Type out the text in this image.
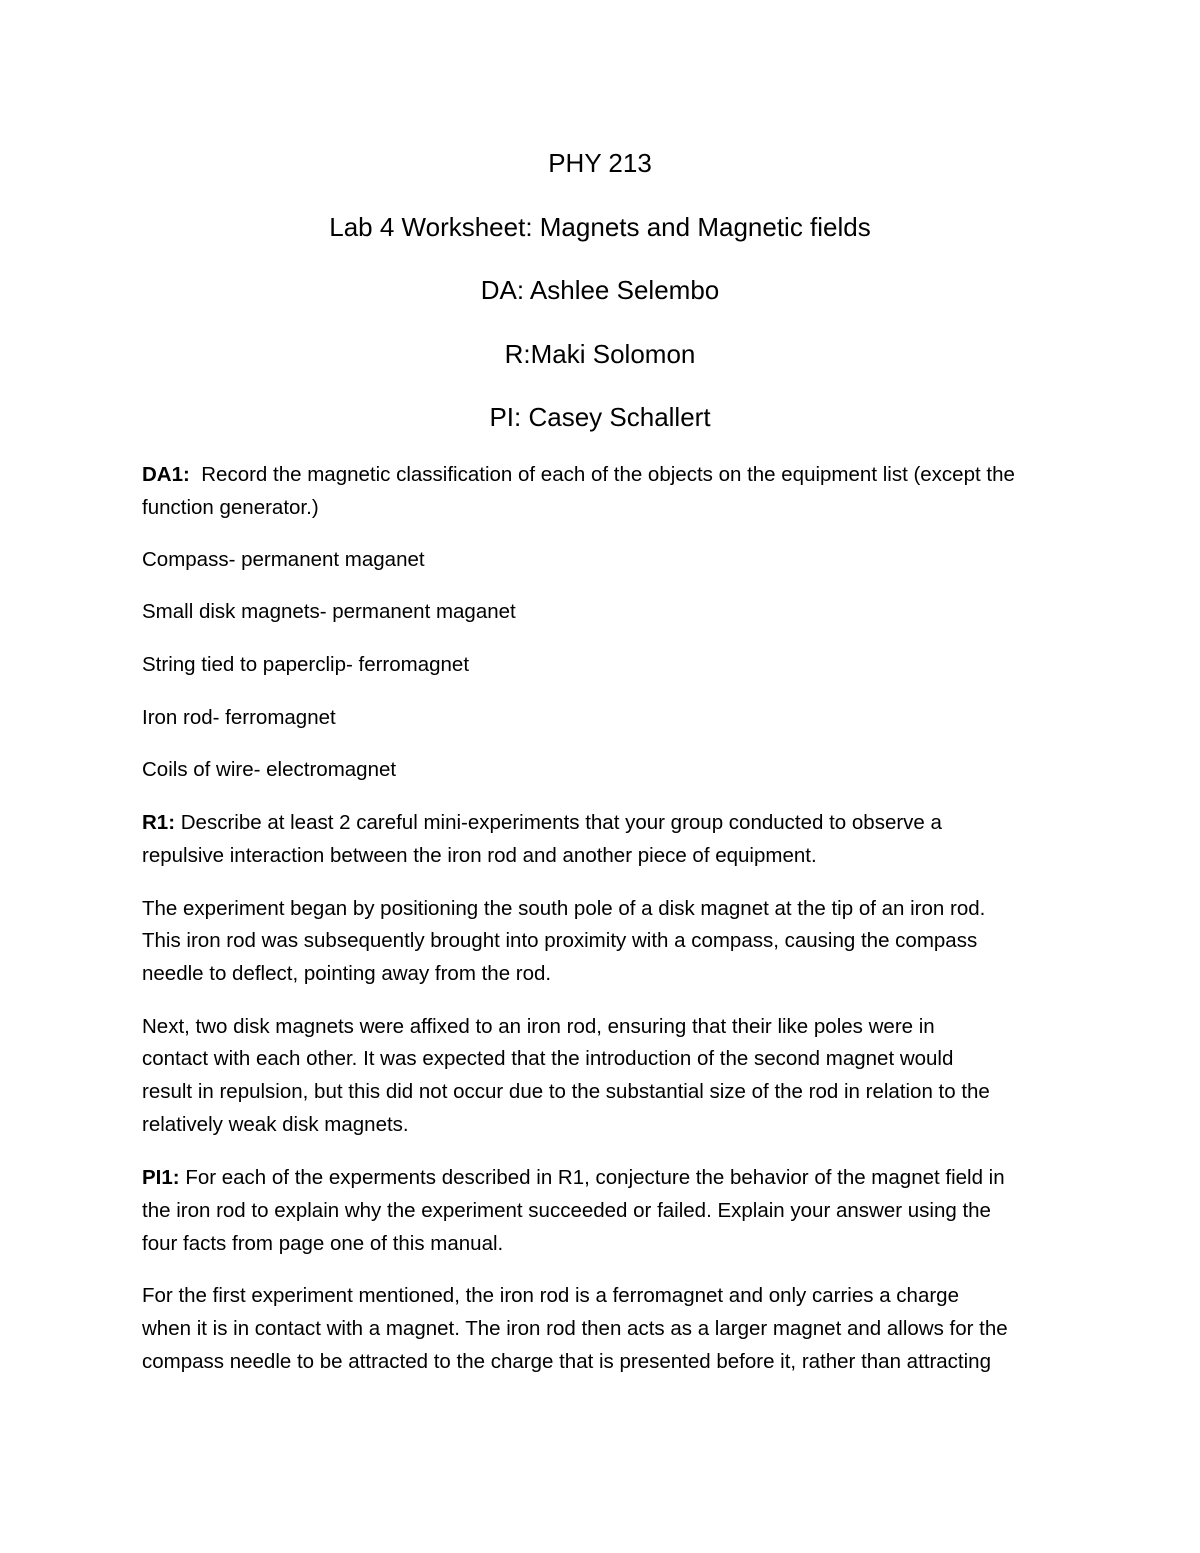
PHY 213
Lab 4 Worksheet: Magnets and Magnetic fields
DA: Ashlee Selembo
R:Maki Solomon
PI: Casey Schallert
DA1: Record the magnetic classification of each of the objects on the equipment list (except the
function generator.)
Compass- permanent maganet
Small disk magnets- permanent maganet
String tied to paperclip- ferromagnet
Iron rod- ferromagnet
Coils of wire- electromagnet
R1: Describe at least 2 careful mini-experiments that your group conducted to observe a
repulsive interaction between the iron rod and another piece of equipment.
The experiment began by positioning the south pole of a disk magnet at the tip of an iron rod.
This iron rod was subsequently brought into proximity with a compass, causing the compass
needle to deflect, pointing away from the rod.
Next, two disk magnets were affixed to an iron rod, ensuring that their like poles were in
contact with each other. It was expected that the introduction of the second magnet would
result in repulsion, but this did not occur due to the substantial size of the rod in relation to the
relatively weak disk magnets.
PI1: For each of the experments described in R1, conjecture the behavior of the magnet field in
the iron rod to explain why the experiment succeeded or failed. Explain your answer using the
four facts from page one of this manual.
For the first experiment mentioned, the iron rod is a ferromagnet and only carries a charge
when it is in contact with a magnet. The iron rod then acts as a larger magnet and allows for the
compass needle to be attracted to the charge that is presented before it, rather than attracting
